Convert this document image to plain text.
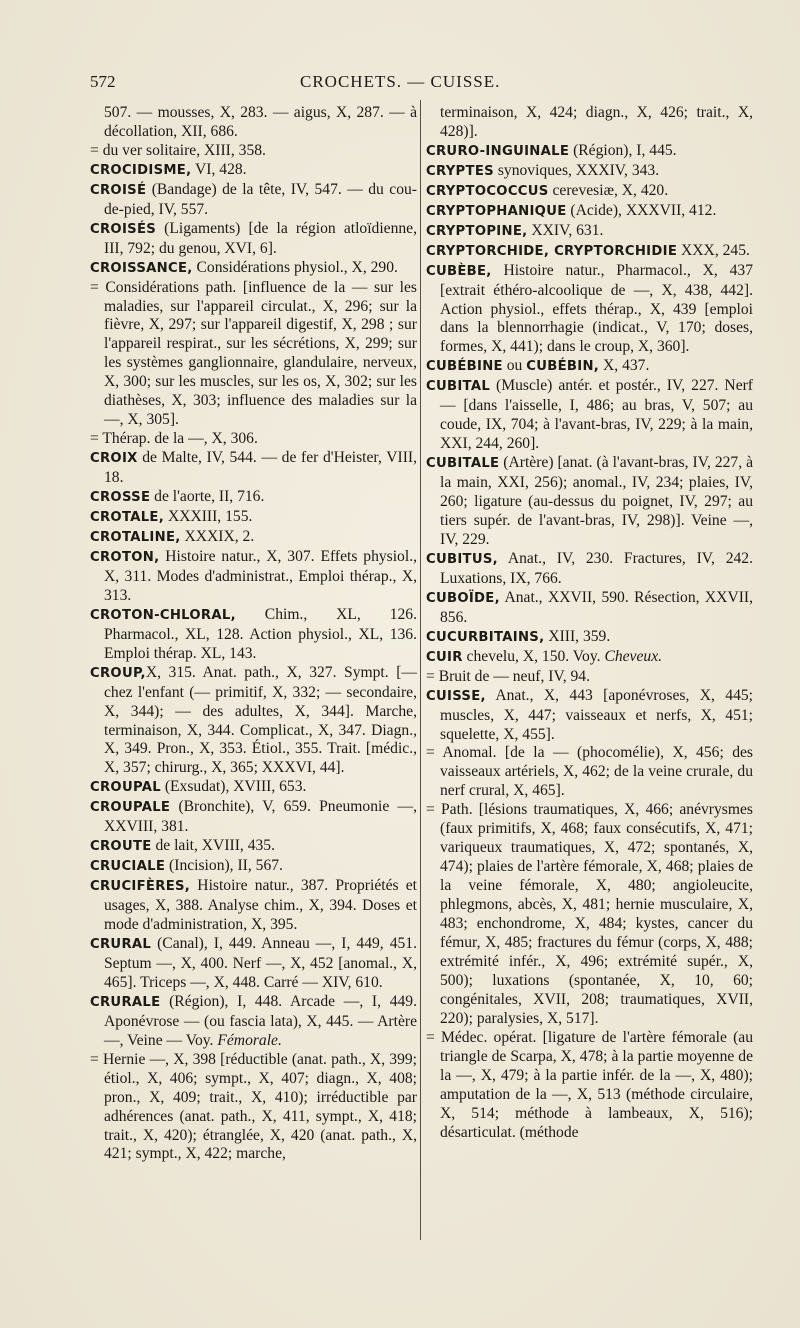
572	CROCHETS. — CUISSE.

507. — mousses, X, 283. — aigus, X, 287. — à décollation, XII, 686.

= du ver solitaire, XIII, 358.

CROCIDISME, VI, 428.

CROISÉ (Bandage) de la tête, IV, 547. — du cou-de-pied, IV, 557.

CROISÉS (Ligaments) [de la région atloïdienne, III, 792; du genou, XVI, 6].

CROISSANCE, Considérations physiol., X, 290.

= Considérations path. [influence de la — sur les maladies, sur l'appareil circulat., X, 296; sur la fièvre, X, 297; sur l'appareil digestif, X, 298 ; sur l'appareil respirat., sur les sécrétions, X, 299; sur les systèmes ganglionnaire, glandulaire, nerveux, X, 300; sur les muscles, sur les os, X, 302; sur les diathèses, X, 303; influence des maladies sur la —, X, 305].

= Thérap. de la —, X, 306.

CROIX de Malte, IV, 544. — de fer d'Heister, VIII, 18.

CROSSE de l'aorte, II, 716.

CROTALE, XXXIII, 155.

CROTALINE, XXXIX, 2.

CROTON, Histoire natur., X, 307. Effets physiol., X, 311. Modes d'administrat., Emploi thérap., X, 313.

CROTON-CHLORAL, Chim., XL, 126. Pharmacol., XL, 128. Action physiol., XL, 136. Emploi thérap. XL, 143.

CROUP,X, 315. Anat. path., X, 327. Sympt. [— chez l'enfant (— primitif, X, 332; — secondaire, X, 344); — des adultes, X, 344]. Marche, terminaison, X, 344. Complicat., X, 347. Diagn., X, 349. Pron., X, 353. Étiol., 355. Trait. [médic., X, 357; chirurg., X, 365; XXXVI, 44].

CROUPAL (Exsudat), XVIII, 653.

CROUPALE (Bronchite), V, 659. Pneumonie —, XXVIII, 381.

CROUTE de lait, XVIII, 435.

CRUCIALE (Incision), II, 567.

CRUCIFÈRES, Histoire natur., 387. Propriétés et usages, X, 388. Analyse chim., X, 394. Doses et mode d'administration, X, 395.

CRURAL (Canal), I, 449. Anneau —, I, 449, 451. Septum —, X, 400. Nerf —, X, 452 [anomal., X, 465]. Triceps —, X, 448. Carré — XIV, 610.

CRURALE (Région), I, 448. Arcade —, I, 449. Aponévrose — (ou fascia lata), X, 445. — Artère —, Veine — Voy. Fémorale.

= Hernie —, X, 398 [réductible (anat. path., X, 399; étiol., X, 406; sympt., X, 407; diagn., X, 408; pron., X, 409; trait., X, 410); irréductible par adhérences (anat. path., X, 411, sympt., X, 418; trait., X, 420); étranglée, X, 420 (anat. path., X, 421; sympt., X, 422; marche,

terminaison, X, 424; diagn., X, 426; trait., X, 428)].

CRURO-INGUINALE (Région), I, 445.

CRYPTES synoviques, XXXIV, 343.

CRYPTOCOCCUS cerevesiæ, X, 420.

CRYPTOPHANIQUE (Acide), XXXVII, 412.

CRYPTOPINE, XXIV, 631.

CRYPTORCHIDE, CRYPTORCHIDIE XXX, 245.

CUBÈBE, Histoire natur., Pharmacol., X, 437 [extrait éthéro-alcoolique de —, X, 438, 442]. Action physiol., effets thérap., X, 439 [emploi dans la blennorrhagie (indicat., V, 170; doses, formes, X, 441); dans le croup, X, 360].

CUBÉBINE ou CUBÉBIN, X, 437.

CUBITAL (Muscle) antér. et postér., IV, 227. Nerf — [dans l'aisselle, I, 486; au bras, V, 507; au coude, IX, 704; à l'avant-bras, IV, 229; à la main, XXI, 244, 260].

CUBITALE (Artère) [anat. (à l'avant-bras, IV, 227, à la main, XXI, 256); anomal., IV, 234; plaies, IV, 260; ligature (au-dessus du poignet, IV, 297; au tiers supér. de l'avant-bras, IV, 298)]. Veine —, IV, 229.

CUBITUS, Anat., IV, 230. Fractures, IV, 242. Luxations, IX, 766.

CUBOÏDE, Anat., XXVII, 590. Résection, XXVII, 856.

CUCURBITAINS, XIII, 359.

CUIR chevelu, X, 150. Voy. Cheveux.

= Bruit de — neuf, IV, 94.

CUISSE, Anat., X, 443 [aponévroses, X, 445; muscles, X, 447; vaisseaux et nerfs, X, 451; squelette, X, 455].

= Anomal. [de la — (phocomélie), X, 456; des vaisseaux artériels, X, 462; de la veine crurale, du nerf crural, X, 465].

= Path. [lésions traumatiques, X, 466; anévrysmes (faux primitifs, X, 468; faux consécutifs, X, 471; variqueux traumatiques, X, 472; spontanés, X, 474); plaies de l'artère fémorale, X, 468; plaies de la veine fémorale, X, 480; angioleucite, phlegmons, abcès, X, 481; hernie musculaire, X, 483; enchondrome, X, 484; kystes, cancer du fémur, X, 485; fractures du fémur (corps, X, 488; extrémité infér., X, 496; extrémité supér., X, 500); luxations (spontanée, X, 10, 60; congénitales, XVII, 208; traumatiques, XVII, 220); paralysies, X, 517].

= Médec. opérat. [ligature de l'artère fémorale (au triangle de Scarpa, X, 478; à la partie moyenne de la —, X, 479; à la partie infér. de la —, X, 480); amputation de la —, X, 513 (méthode circulaire, X, 514; méthode à lambeaux, X, 516); désarticulat. (méthode
